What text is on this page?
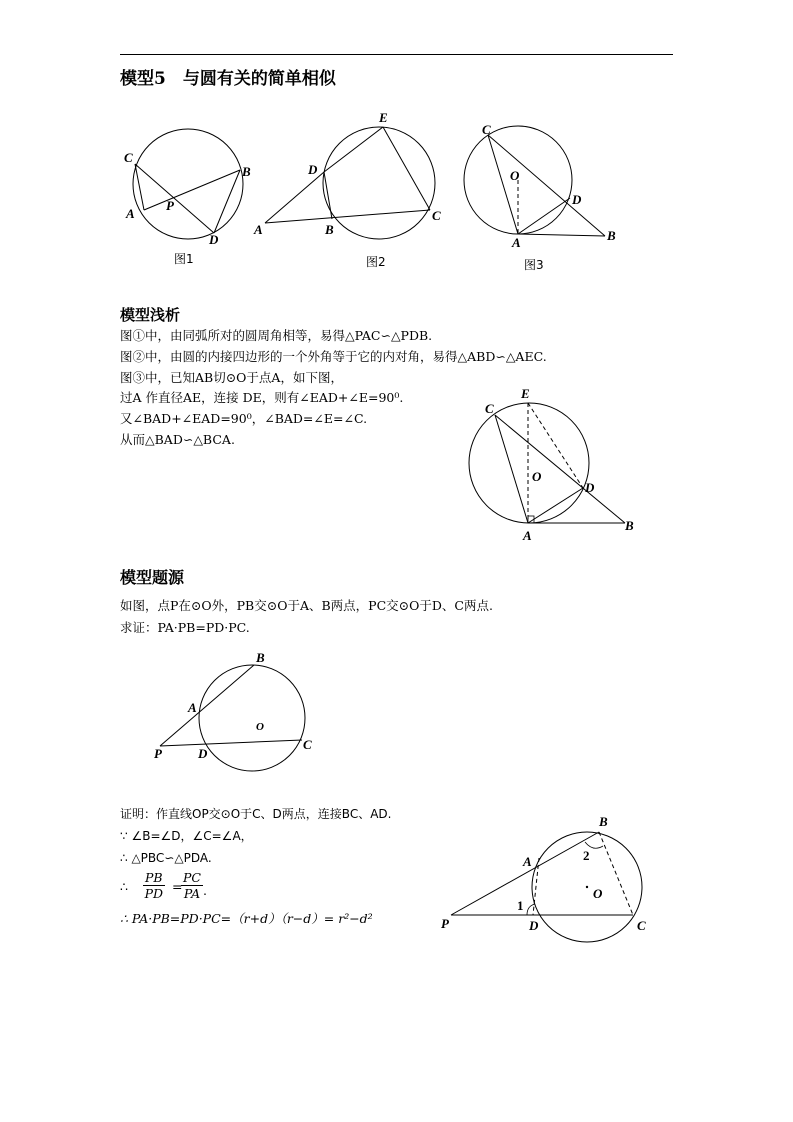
模型5　与圆有关的简单相似
C
B
A
P
D
图1
E
D
A	B
C
图2
C
O
D
A	B
图3
模型浅析
图①中，由同弧所对的圆周角相等，易得△PAC∽△PDB.
图②中，由圆的内接四边形的一个外角等于它的内对角，易得△ABD∽△AEC.
图③中，已知AB切⊙O于点A，如下图，
过A 作直径AE，连接 DE，则有∠EAD+∠E=90⁰.
又∠BAD+∠EAD=90⁰，∠BAD=∠E=∠C.
从而△BAD∽△BCA.
E
C
O
D
A
B
模型题源
如图，点P在⊙O外，PB交⊙O于A、B两点，PC交⊙O于D、C两点.
求证：PA·PB=PD·PC.
B
A
O
P	D
C
证明：作直线OP交⊙O于C、D两点，连接BC、AD.
∵ ∠B=∠D，∠C=∠A，
∴ △PBC∽△PDA.
∴ $\frac{PB}{PD}$ =
$\frac{PC}{PA}$ .
∴ PA·PB=PD·PC=（r+d）（r−d）= r²−d²
B
A	2
O
1
P	D	C
